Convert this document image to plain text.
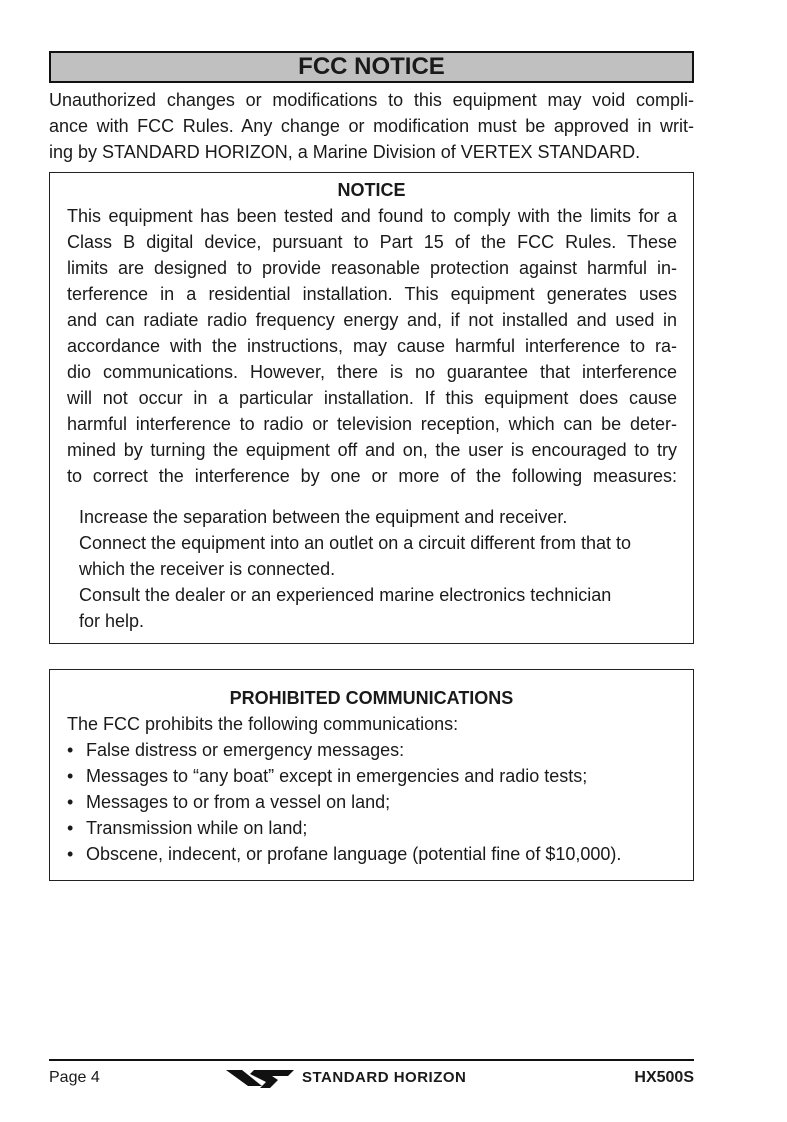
FCC NOTICE
Unauthorized changes or modifications to this equipment may void compli-
ance with FCC Rules. Any change or modification must be approved in writ-
ing by STANDARD HORIZON, a Marine Division of VERTEX STANDARD.
NOTICE
This equipment has been tested and found to comply with the limits for a
Class B digital device, pursuant to Part 15 of the FCC Rules. These
limits are designed to provide reasonable protection against harmful in-
terference in a residential installation. This equipment generates uses
and can radiate radio frequency energy and, if not installed and used in
accordance with the instructions, may cause harmful interference to ra-
dio communications. However, there is no guarantee that interference
will not occur in a particular installation. If this equipment does cause
harmful interference to radio or television reception, which can be deter-
mined by turning the equipment off and on, the user is encouraged to try
to correct the interference by one or more of the following measures:
Increase the separation between the equipment and receiver.
Connect the equipment into an outlet on a circuit different from that to
which the receiver is connected.
Consult the dealer or an experienced marine electronics technician
for help.
PROHIBITED COMMUNICATIONS
The FCC prohibits the following communications:
• False distress or emergency messages:
• Messages to “any boat” except in emergencies and radio tests;
• Messages to or from a vessel on land;
• Transmission while on land;
• Obscene, indecent, or profane language (potential fine of $10,000).
Page 4	STANDARD HORIZON	HX500S
